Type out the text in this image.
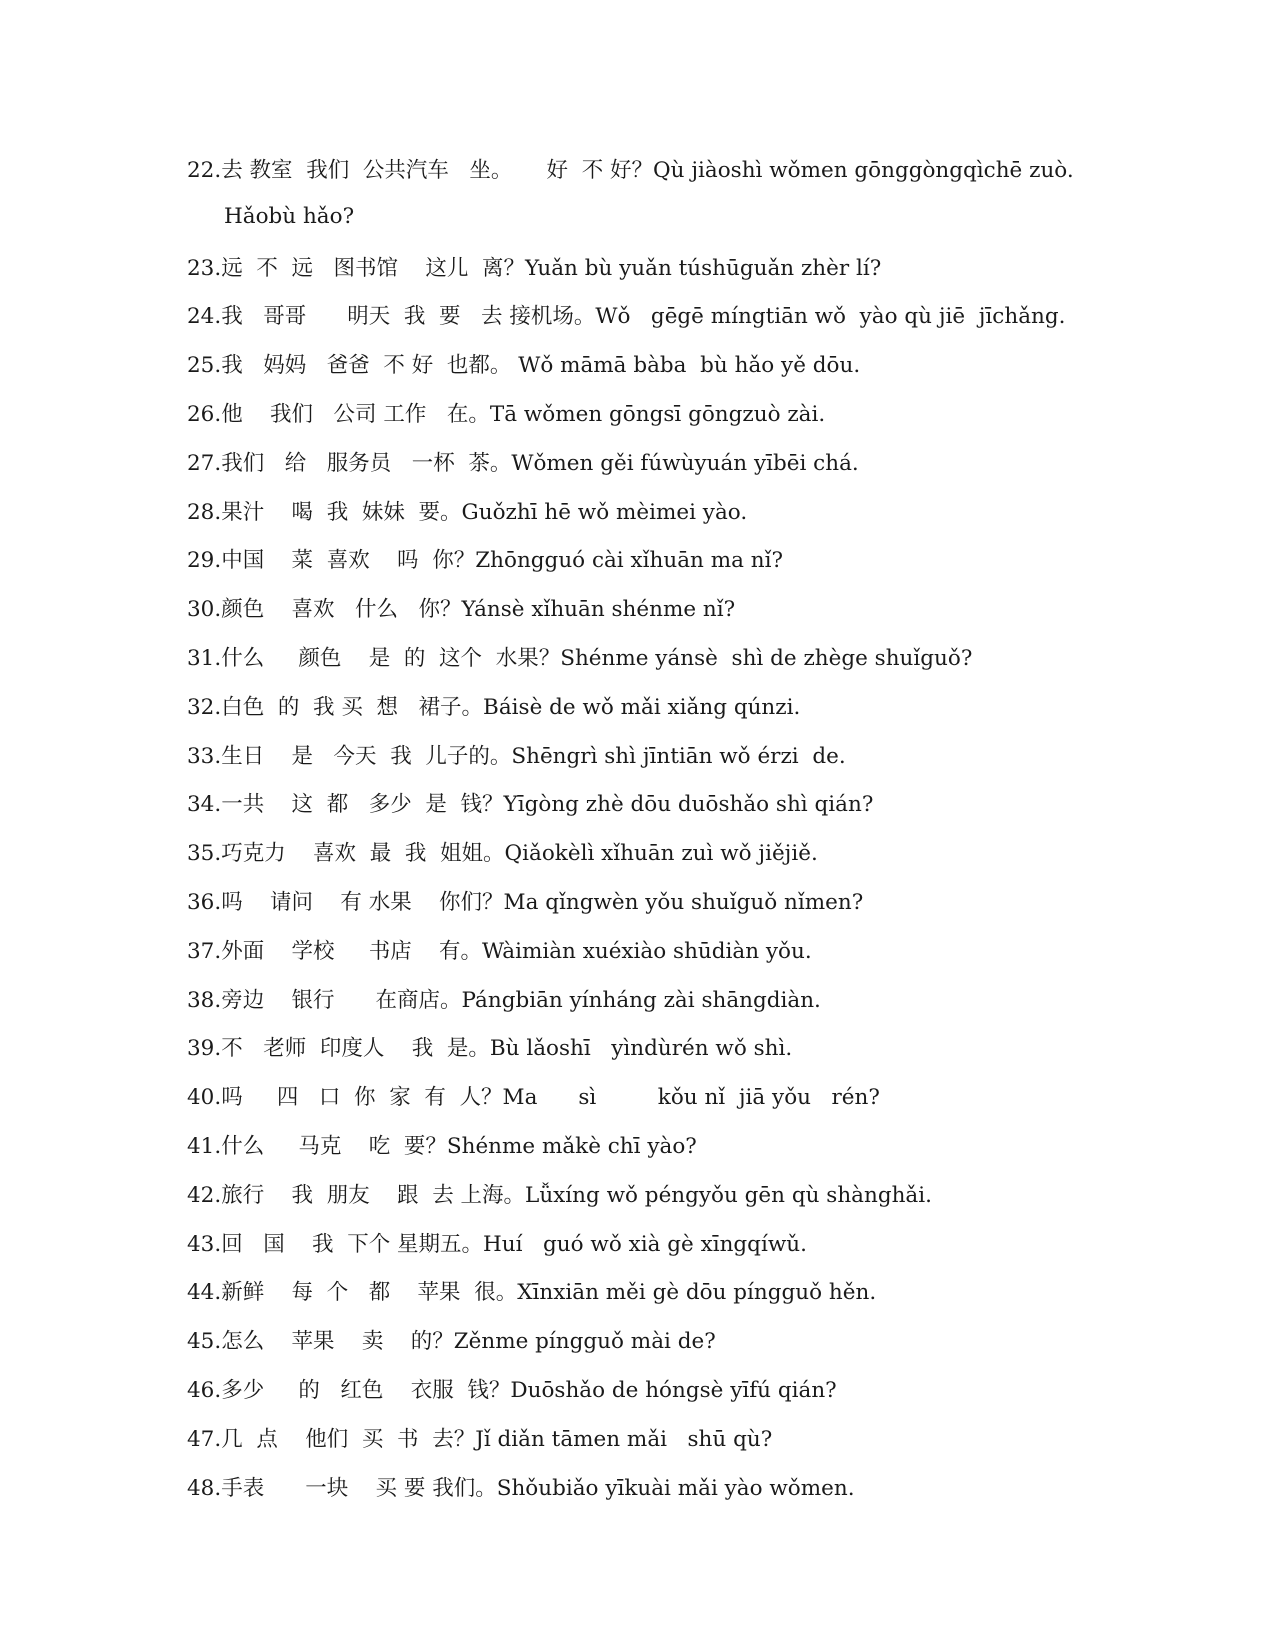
22.去 教室  我们  公共汽车   坐。     好  不 好？Qù jiàoshì wǒmen gōnggòngqìchē zuò.
Hǎobù hǎo?
23.远  不  远   图书馆    这儿  离？Yuǎn bù yuǎn túshūguǎn zhèr lí?
24.我   哥哥      明天  我  要   去 接机场。Wǒ   gēgē míngtiān wǒ  yào qù jiē  jīchǎng.
25.我   妈妈   爸爸  不 好  也都。 Wǒ māmā bàba  bù hǎo yě dōu.
26.他    我们   公司 工作   在。Tā wǒmen gōngsī gōngzuò zài.
27.我们   给   服务员   一杯  茶。Wǒmen gěi fúwùyuán yībēi chá.
28.果汁    喝  我  妹妹  要。Guǒzhī hē wǒ mèimei yào.
29.中国    菜  喜欢    吗  你？Zhōngguó cài xǐhuān ma nǐ?
30.颜色    喜欢   什么   你？Yánsè xǐhuān shénme nǐ?
31.什么     颜色    是  的  这个  水果？Shénme yánsè  shì de zhège shuǐguǒ?
32.白色  的  我 买  想   裙子。Báisè de wǒ mǎi xiǎng qúnzi.
33.生日    是   今天  我  儿子的。Shēngrì shì jīntiān wǒ érzi  de.
34.一共    这  都   多少  是  钱？Yīgòng zhè dōu duōshǎo shì qián?
35.巧克力    喜欢  最  我  姐姐。Qiǎokèlì xǐhuān zuì wǒ jiějiě.
36.吗    请问    有 水果    你们？Ma qǐngwèn yǒu shuǐguǒ nǐmen?
37.外面    学校     书店    有。Wàimiàn xuéxiào shūdiàn yǒu.
38.旁边    银行      在商店。Pángbiān yínháng zài shāngdiàn.
39.不   老师  印度人    我  是。Bù lǎoshī   yìndùrén wǒ shì.
40.吗     四   口  你  家  有  人？Ma      sì         kǒu nǐ  jiā yǒu   rén?
41.什么     马克    吃  要？Shénme mǎkè chī yào?
42.旅行    我  朋友    跟  去 上海。Lǚxíng wǒ péngyǒu gēn qù shànghǎi.
43.回   国    我  下个 星期五。Huí   guó wǒ xià gè xīngqíwǔ.
44.新鲜    每  个   都    苹果  很。Xīnxiān měi gè dōu píngguǒ hěn.
45.怎么    苹果    卖    的？Zěnme píngguǒ mài de?
46.多少     的   红色    衣服  钱？Duōshǎo de hóngsè yīfú qián?
47.几  点    他们  买  书  去？Jǐ diǎn tāmen mǎi   shū qù?
48.手表      一块    买 要 我们。Shǒubiǎo yīkuài mǎi yào wǒmen.
